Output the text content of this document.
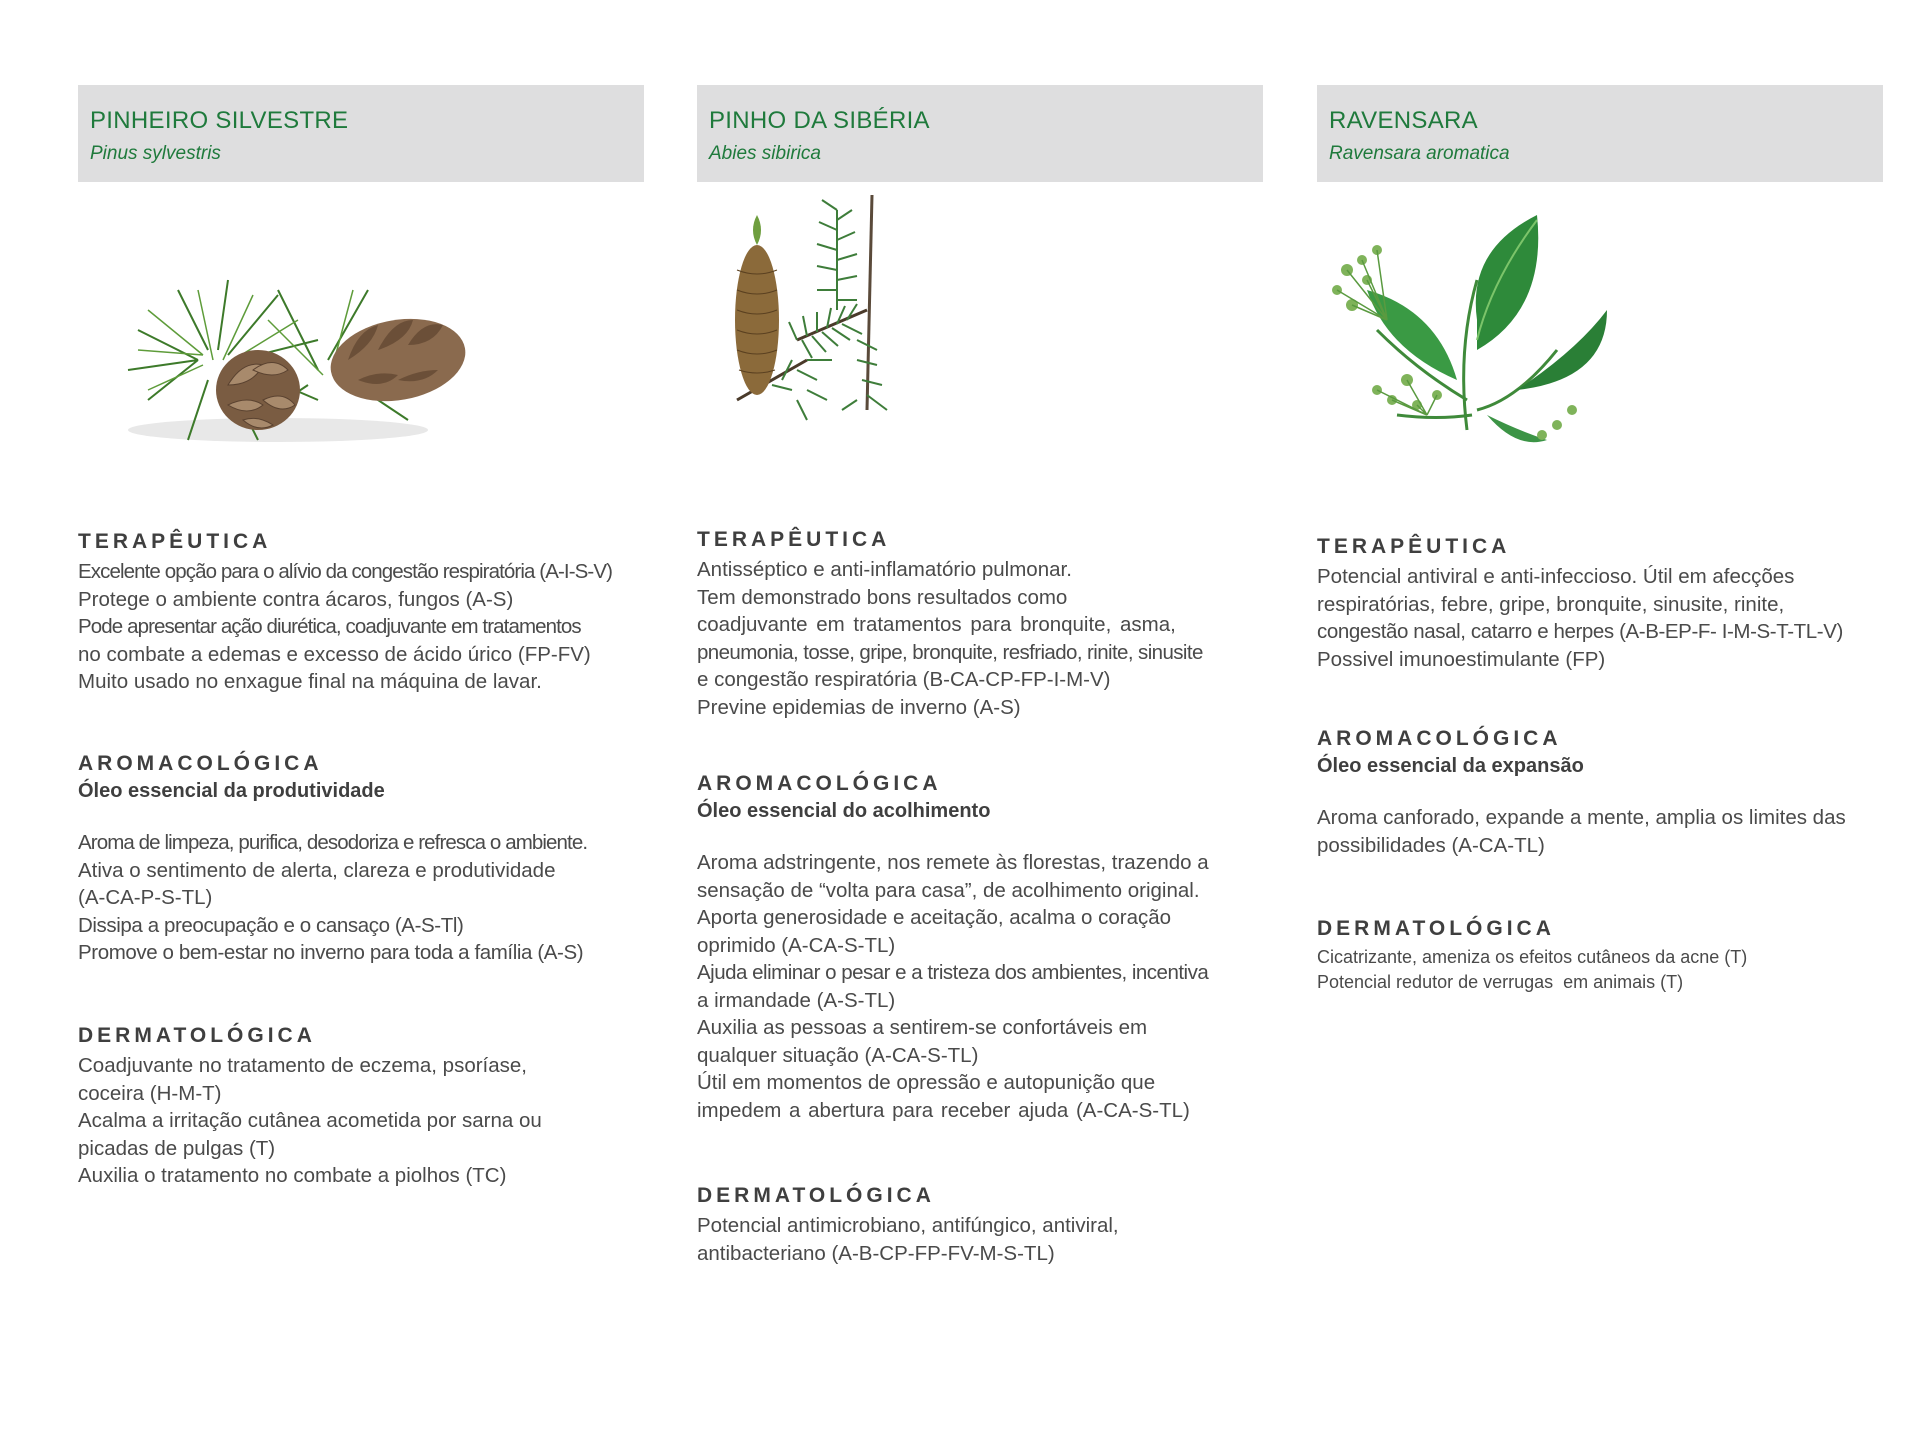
PINHEIRO SILVESTRE
Pinus sylvestris
TERAPÊUTICA
Excelente opção para o alívio da congestão respiratória (A-I-S-V)
Protege o ambiente contra ácaros, fungos (A-S)
Pode apresentar ação diurética, coadjuvante em tratamentos
no combate a edemas e excesso de ácido úrico (FP-FV)
Muito usado no enxague final na máquina de lavar.
AROMACOLÓGICA
Óleo essencial da produtividade
Aroma de limpeza, purifica, desodoriza e refresca o ambiente.
Ativa o sentimento de alerta, clareza e produtividade
(A-CA-P-S-TL)
Dissipa a preocupação e o cansaço (A-S-Tl)
Promove o bem-estar no inverno para toda a família (A-S)
DERMATOLÓGICA
Coadjuvante no tratamento de eczema, psoríase,
coceira (H-M-T)
Acalma a irritação cutânea acometida por sarna ou
picadas de pulgas (T)
Auxilia o tratamento no combate a piolhos (TC)
PINHO DA SIBÉRIA
Abies sibirica
TERAPÊUTICA
Antisséptico e anti-inflamatório pulmonar.
Tem demonstrado bons resultados como
coadjuvante em tratamentos para bronquite, asma,
pneumonia, tosse, gripe, bronquite, resfriado, rinite, sinusite
e congestão respiratória (B-CA-CP-FP-I-M-V)
Previne epidemias de inverno (A-S)
AROMACOLÓGICA
Óleo essencial do acolhimento
Aroma adstringente, nos remete às florestas, trazendo a
sensação de “volta para casa”, de acolhimento original.
Aporta generosidade e aceitação, acalma o coração
oprimido (A-CA-S-TL)
Ajuda eliminar o pesar e a tristeza dos ambientes, incentiva
a irmandade (A-S-TL)
Auxilia as pessoas a sentirem-se confortáveis em
qualquer situação (A-CA-S-TL)
Útil em momentos de opressão e autopunição que
impedem a abertura para receber ajuda (A-CA-S-TL)
DERMATOLÓGICA
Potencial antimicrobiano, antifúngico, antiviral,
antibacteriano (A-B-CP-FP-FV-M-S-TL)
RAVENSARA
Ravensara aromatica
TERAPÊUTICA
Potencial antiviral e anti-infeccioso. Útil em afecções
respiratórias, febre, gripe, bronquite, sinusite, rinite,
congestão nasal, catarro e herpes (A-B-EP-F- I-M-S-T-TL-V)
Possivel imunoestimulante (FP)
AROMACOLÓGICA
Óleo essencial da expansão
Aroma canforado, expande a mente, amplia os limites das
possibilidades (A-CA-TL)
DERMATOLÓGICA
Cicatrizante, ameniza os efeitos cutâneos da acne (T)
Potencial redutor de verrugas  em animais (T)
